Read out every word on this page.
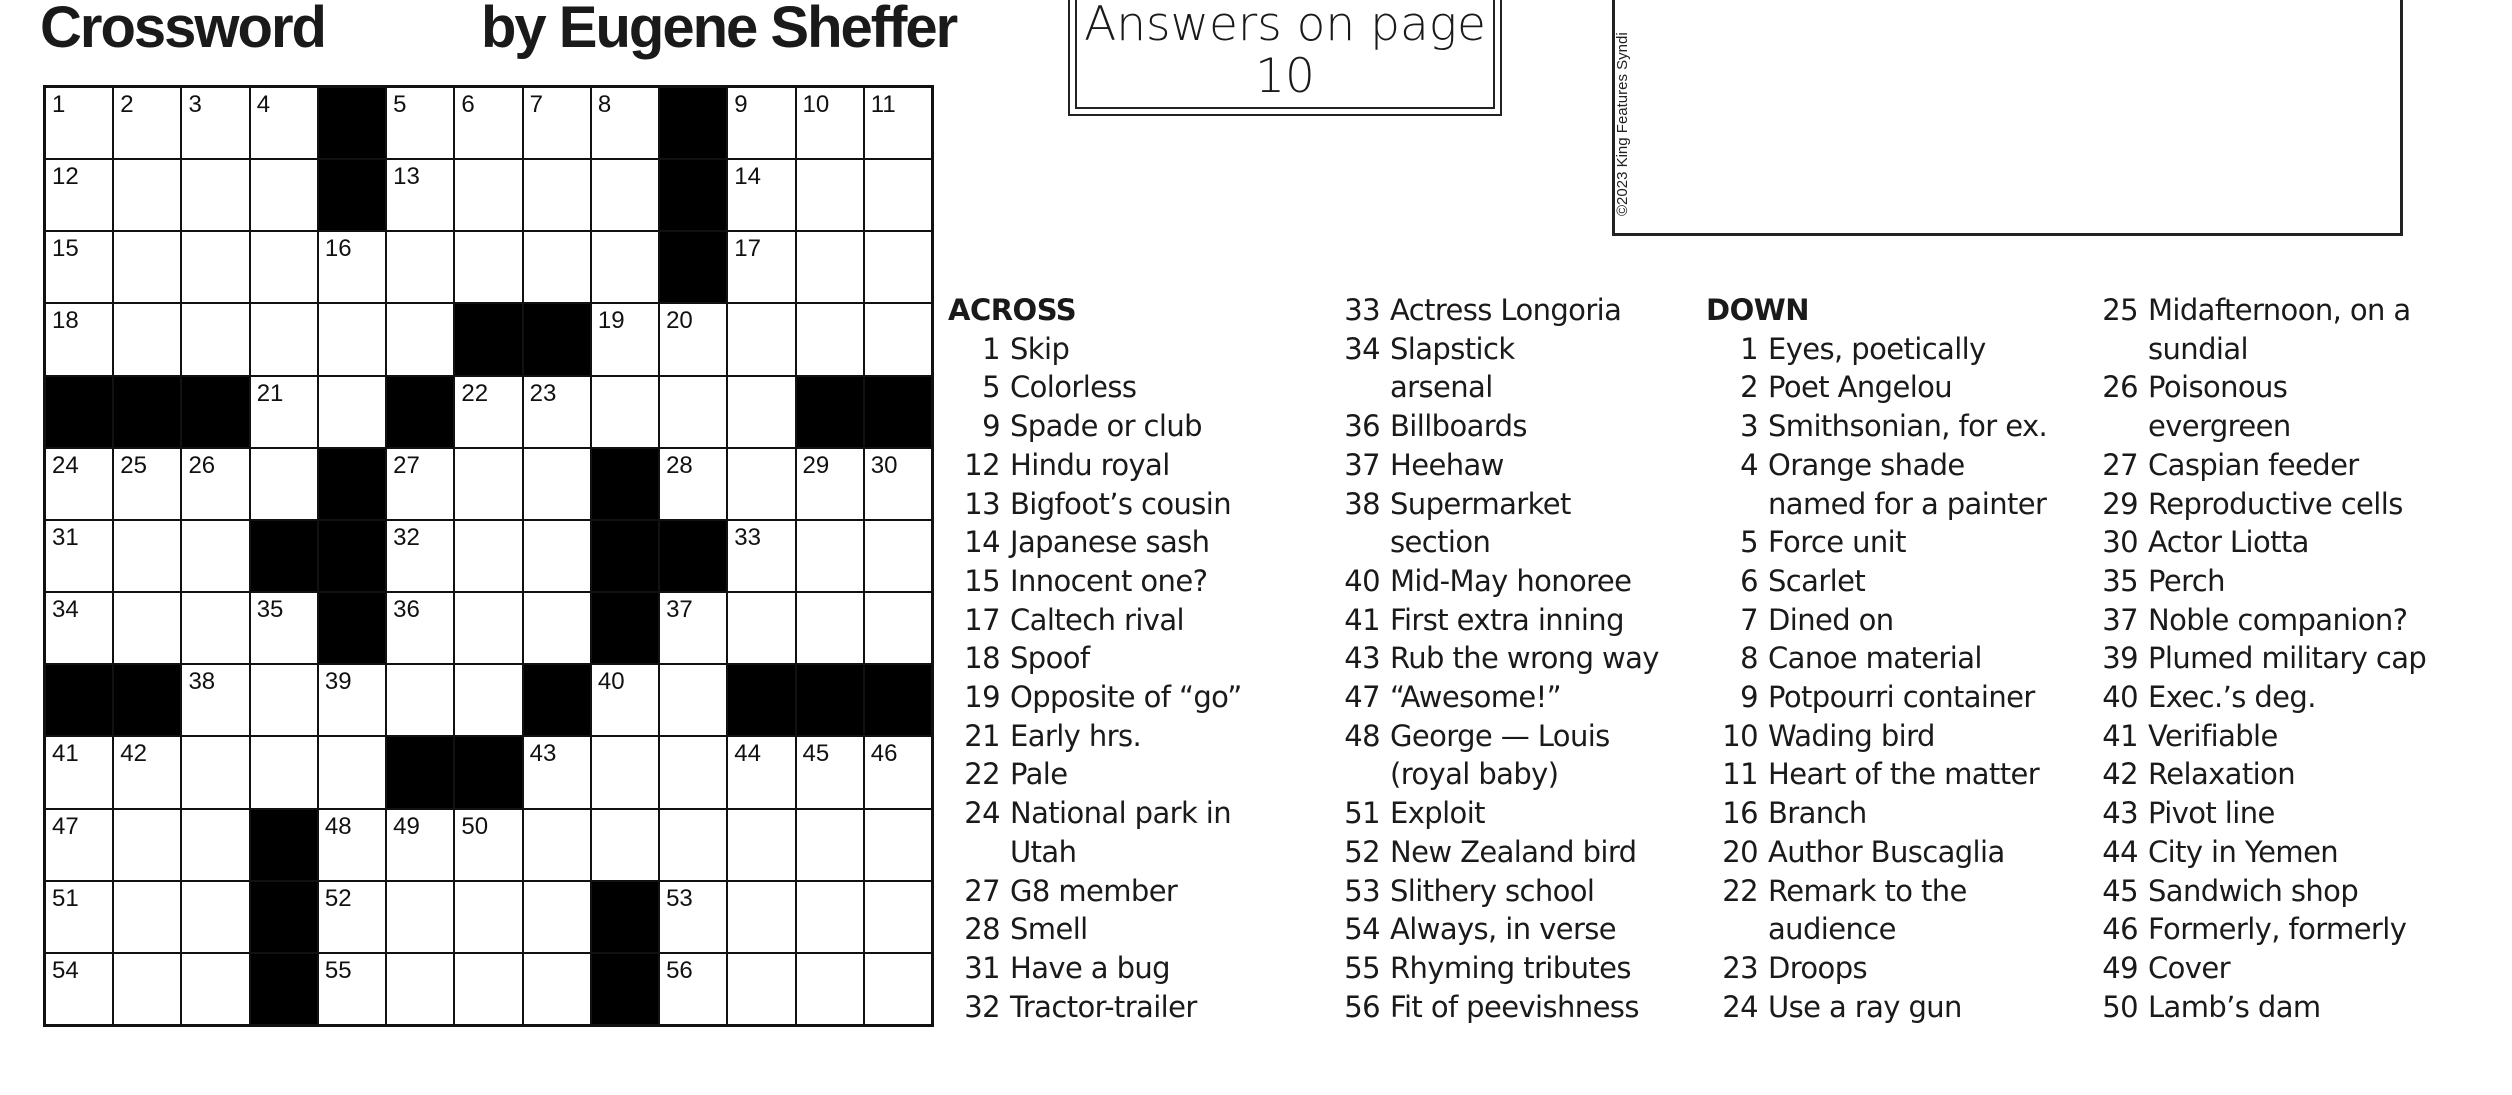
Crossword	by Eugene Sheffer	Answers on page
10	©2023 King Features Syndi
1 2 3 4	5 6 7 8	9 10 11
12	13	14
15	16	17
18	19 20
21	22 23
24 25 26	27	28	29 30
31	32	33
34	35	36	37
38	39	40
41 42	43	44 45 46
47	48 49 50
51	52	53
54	55	56
ACROSS
1 Skip
5 Colorless
9 Spade or club
12 Hindu royal
13 Bigfoot’s cousin
14 Japanese sash
15 Innocent one?
17 Caltech rival
18 Spoof
19 Opposite of “go”
21 Early hrs.
22 Pale
24 National park in
Utah
27 G8 member
28 Smell
31 Have a bug
32 Tractor-trailer
33 Actress Longoria
34 Slapstick
arsenal
36 Billboards
37 Heehaw
38 Supermarket
section
40 Mid-May honoree
41 First extra inning
43 Rub the wrong way
47 “Awesome!”
48 George — Louis
(royal baby)
51 Exploit
52 New Zealand bird
53 Slithery school
54 Always, in verse
55 Rhyming tributes
56 Fit of peevishness
DOWN
1 Eyes, poetically
2 Poet Angelou
3 Smithsonian, for ex.
4 Orange shade
named for a painter
5 Force unit
6 Scarlet
7 Dined on
8 Canoe material
9 Potpourri container
10 Wading bird
11 Heart of the matter
16 Branch
20 Author Buscaglia
22 Remark to the
audience
23 Droops
24 Use a ray gun
25 Midafternoon, on a
sundial
26 Poisonous
evergreen
27 Caspian feeder
29 Reproductive cells
30 Actor Liotta
35 Perch
37 Noble companion?
39 Plumed military cap
40 Exec.’s deg.
41 Verifiable
42 Relaxation
43 Pivot line
44 City in Yemen
45 Sandwich shop
46 Formerly, formerly
49 Cover
50 Lamb’s dam
